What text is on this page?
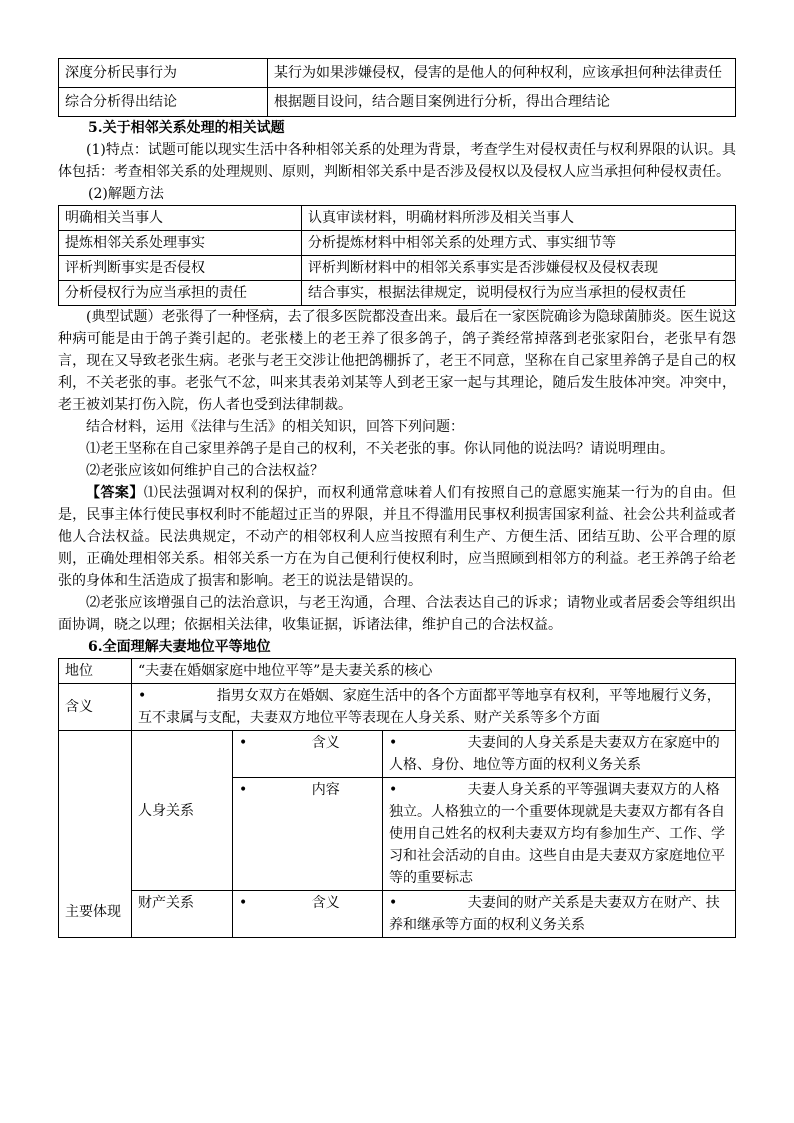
深度分析民事行为	某行为如果涉嫌侵权，侵害的是他人的何种权利，应该承担何种法律责任
综合分析得出结论	根据题目设问，结合题目案例进行分析，得出合理结论

5.关于相邻关系处理的相关试题

(1)特点：试题可能以现实生活中各种相邻关系的处理为背景，考查学生对侵权责任与权利界限的认识。具体包括：考查相邻关系的处理规则、原则，判断相邻关系中是否涉及侵权以及侵权人应当承担何种侵权责任。

(2)解题方法

明确相关当事人	认真审读材料，明确材料所涉及相关当事人
提炼相邻关系处理事实	分析提炼材料中相邻关系的处理方式、事实细节等
评析判断事实是否侵权	评析判断材料中的相邻关系事实是否涉嫌侵权及侵权表现
分析侵权行为应当承担的责任	结合事实，根据法律规定，说明侵权行为应当承担的侵权责任

(典型试题）老张得了一种怪病，去了很多医院都没查出来。最后在一家医院确诊为隐球菌肺炎。医生说这种病可能是由于鸽子粪引起的。老张楼上的老王养了很多鸽子，鸽子粪经常掉落到老张家阳台，老张早有怨言，现在又导致老张生病。老张与老王交涉让他把鸽棚拆了，老王不同意，坚称在自己家里养鸽子是自己的权利，不关老张的事。老张气不忿，叫来其表弟刘某等人到老王家一起与其理论，随后发生肢体冲突。冲突中，老王被刘某打伤入院，伤人者也受到法律制裁。

结合材料，运用《法律与生活》的相关知识，回答下列问题：

⑴老王坚称在自己家里养鸽子是自己的权利，不关老张的事。你认同他的说法吗？请说明理由。

⑵老张应该如何维护自己的合法权益？

【答案】⑴民法强调对权利的保护，而权利通常意味着人们有按照自己的意愿实施某一行为的自由。但是，民事主体行使民事权利时不能超过正当的界限，并且不得滥用民事权利损害国家利益、社会公共利益或者他人合法权益。民法典规定，不动产的相邻权利人应当按照有利生产、方便生活、团结互助、公平合理的原则，正确处理相邻关系。相邻关系一方在为自己便利行使权利时，应当照顾到相邻方的利益。老王养鸽子给老张的身体和生活造成了损害和影响。老王的说法是错误的。

⑵老张应该增强自己的法治意识，与老王沟通，合理、合法表达自己的诉求；请物业或者居委会等组织出面协调，晓之以理；依据相关法律，收集证据，诉诸法律，维护自己的合法权益。

6.全面理解夫妻地位平等地位

地位	“夫妻在婚姻家庭中地位平等”是夫妻关系的核心		
含义	• 指男女双方在婚姻、家庭生活中的各个方面都平等地享有权利，平等地履行义务，互不隶属与支配，夫妻双方地位平等表现在人身关系、财产关系等多个方面		
主要体现	人身关系	• 含义	• 夫妻间的人身关系是夫妻双方在家庭中的人格、身份、地位等方面的权利义务关系
		• 内容	• 夫妻人身关系的平等强调夫妻双方的人格独立。人格独立的一个重要体现就是夫妻双方都有各自使用自己姓名的权利夫妻双方均有参加生产、工作、学习和社会活动的自由。这些自由是夫妻双方家庭地位平等的重要标志
	财产关系	• 含义	• 夫妻间的财产关系是夫妻双方在财产、扶养和继承等方面的权利义务关系
